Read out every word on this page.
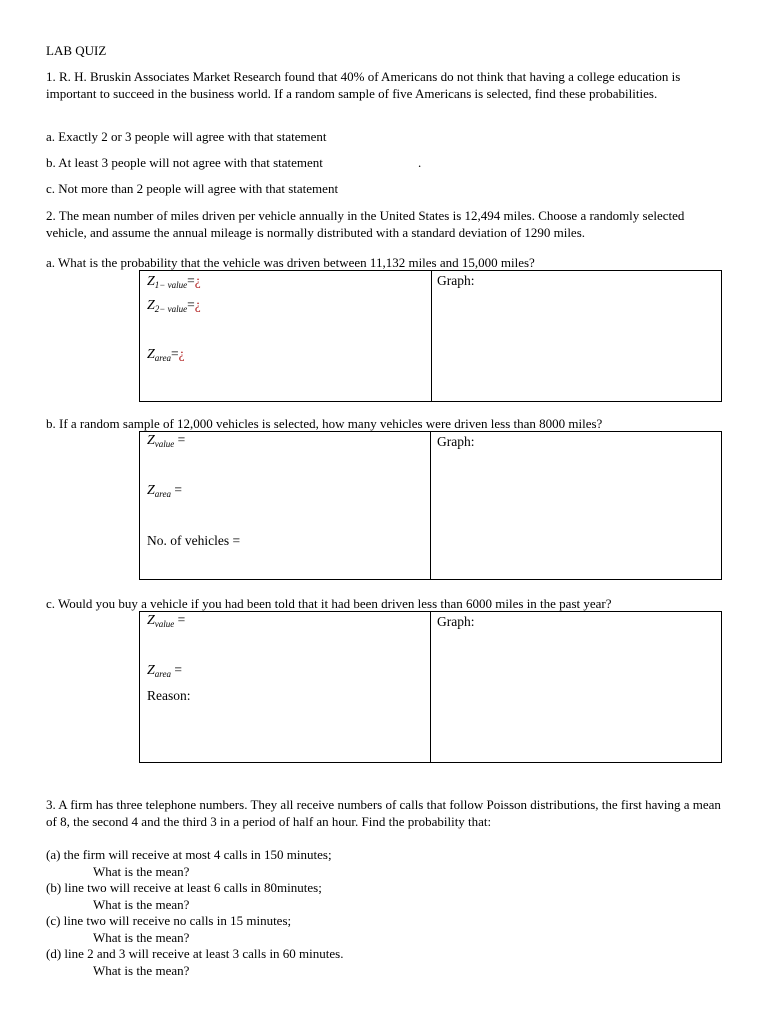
LAB QUIZ
1. R. H. Bruskin Associates Market Research found that 40% of Americans do not think that having a college education is important to succeed in the business world. If a random sample of five Americans is selected, find these probabilities.
a. Exactly 2 or 3 people will agree with that statement
b. At least 3 people will not agree with that statement	.
c. Not more than 2 people will agree with that statement
2. The mean number of miles driven per vehicle annually in the United States is 12,494 miles. Choose a randomly selected vehicle, and assume the annual mileage is normally distributed with a standard deviation of 1290 miles.
a. What is the probability that the vehicle was driven between 11,132 miles and 15,000 miles?
$Z_{1- value}=¿$
$Z_{2- value}=¿$
$Z_{area}=¿$
Graph:
b. If a random sample of 12,000 vehicles is selected, how many vehicles were driven less than 8000 miles?
$Z_{value}$ =
$Z_{area}$ =
No. of vehicles =
Graph:
c. Would you buy a vehicle if you had been told that it had been driven less than 6000 miles in the past year?
$Z_{value}$ =
$Z_{area}$ =
Reason:
Graph:
3. A firm has three telephone numbers. They all receive numbers of calls that follow Poisson distributions, the first having a mean of 8, the second 4 and the third 3 in a period of half an hour. Find the probability that:
(a) the firm will receive at most 4 calls in 150 minutes;
What is the mean?
(b) line two will receive at least 6 calls in 80minutes;
What is the mean?
(c) line two will receive no calls in 15 minutes;
What is the mean?
(d) line 2 and 3 will receive at least 3 calls in 60 minutes.
What is the mean?
